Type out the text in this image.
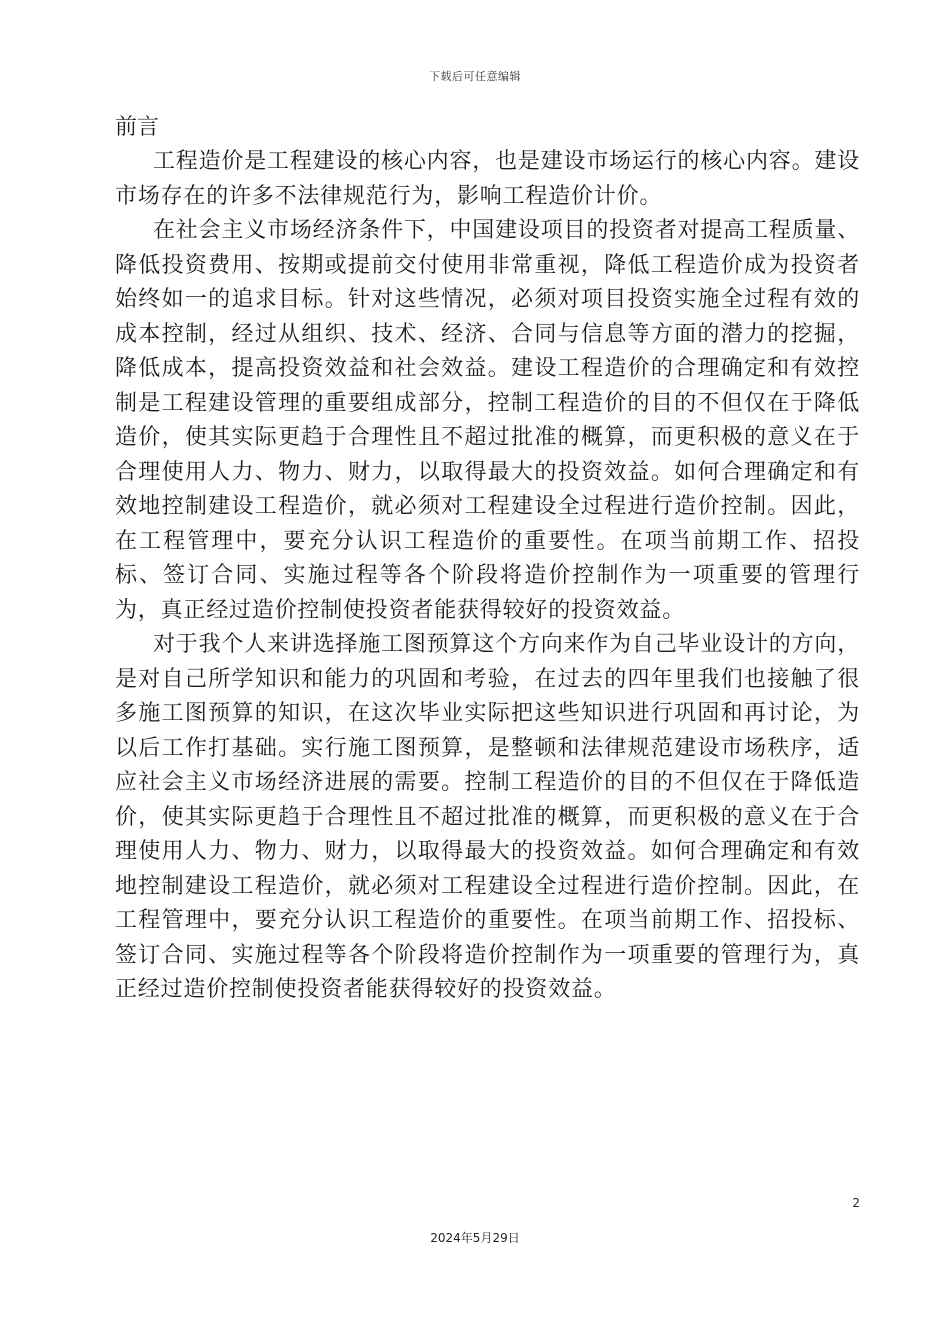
下载后可任意编辑

前言

工程造价是工程建设的核心内容，也是建设市场运行的核心内容。建设市场存在的许多不法律规范行为，影响工程造价计价。

在社会主义市场经济条件下，中国建设项目的投资者对提高工程质量、降低投资费用、按期或提前交付使用非常重视，降低工程造价成为投资者始终如一的追求目标。针对这些情况，必须对项目投资实施全过程有效的成本控制，经过从组织、技术、经济、合同与信息等方面的潜力的挖掘，降低成本，提高投资效益和社会效益。建设工程造价的合理确定和有效控制是工程建设管理的重要组成部分，控制工程造价的目的不但仅在于降低造价，使其实际更趋于合理性且不超过批准的概算，而更积极的意义在于合理使用人力、物力、财力，以取得最大的投资效益。如何合理确定和有效地控制建设工程造价，就必须对工程建设全过程进行造价控制。因此，在工程管理中，要充分认识工程造价的重要性。在项当前期工作、招投标、签订合同、实施过程等各个阶段将造价控制作为一项重要的管理行为，真正经过造价控制使投资者能获得较好的投资效益。

对于我个人来讲选择施工图预算这个方向来作为自己毕业设计的方向，是对自己所学知识和能力的巩固和考验，在过去的四年里我们也接触了很多施工图预算的知识，在这次毕业实际把这些知识进行巩固和再讨论，为以后工作打基础。实行施工图预算，是整顿和法律规范建设市场秩序，适应社会主义市场经济进展的需要。控制工程造价的目的不但仅在于降低造价，使其实际更趋于合理性且不超过批准的概算，而更积极的意义在于合理使用人力、物力、财力，以取得最大的投资效益。如何合理确定和有效地控制建设工程造价，就必须对工程建设全过程进行造价控制。因此，在工程管理中，要充分认识工程造价的重要性。在项当前期工作、招投标、签订合同、实施过程等各个阶段将造价控制作为一项重要的管理行为，真正经过造价控制使投资者能获得较好的投资效益。

2
2024年5月29日
